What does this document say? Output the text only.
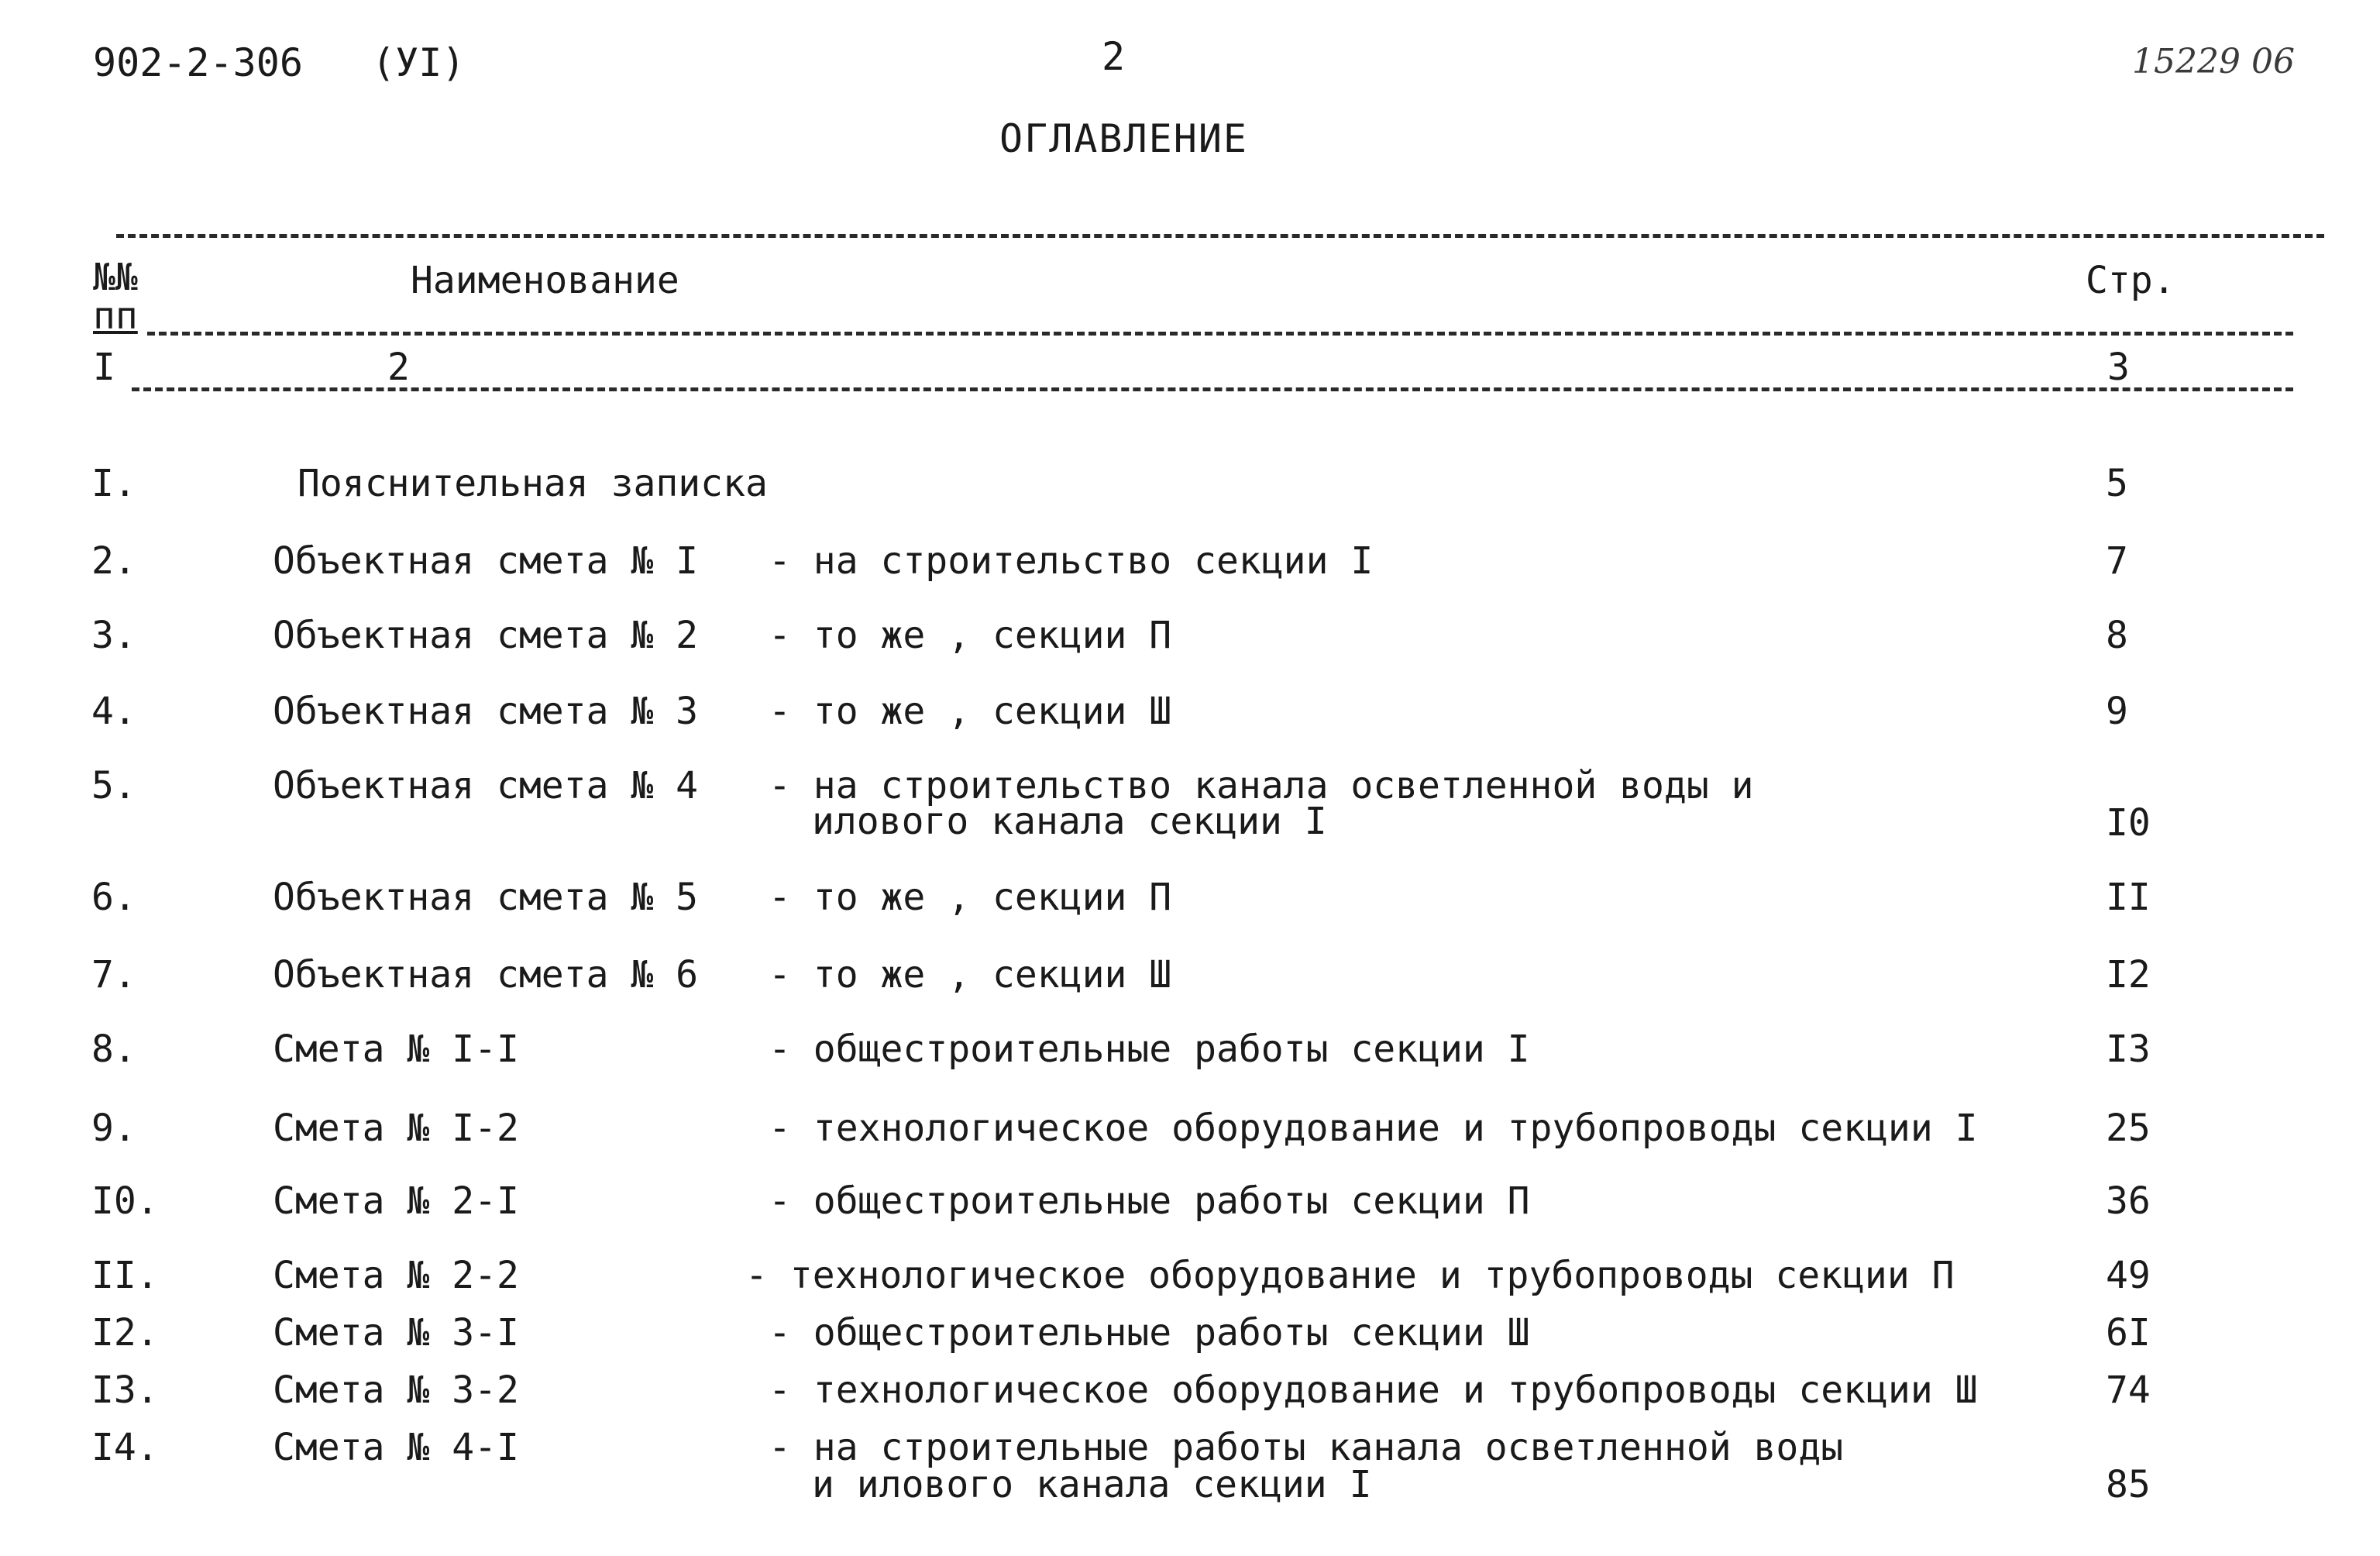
902-2-306 (УI)	2	15229 06
ОГЛАВЛЕНИЕ
№№
пп
Наименование	Стр.
I	2	3
I.	Пояснительная записка	5
2.	Объектная смета № I - на строительство секции I	7
3.	Объектная смета № 2 - то же , секции П	8
4.	Объектная смета № 3 - то же , секции Ш	9
5.	Объектная смета № 4 - на строительство канала осветленной воды и
илового канала секции I	I0
6.	Объектная смета № 5 - то же , секции П	II
7.	Объектная смета № 6 - то же , секции Ш	I2
8.	Смета № I-I	- общестроительные работы секции I	I3
9.	Смета № I-2	- технологическое оборудование и трубопроводы секции I	25
I0.	Смета № 2-I	- общестроительные работы секции П	36
II.	Смета № 2-2	- технологическое оборудование и трубопроводы секции П	49
I2.	Смета № 3-I	- общестроительные работы секции Ш	6I
I3.	Смета № 3-2	- технологическое оборудование и трубопроводы секции Ш	74
I4.	Смета № 4-I	- на строительные работы канала осветленной воды
и илового канала секции I	85
